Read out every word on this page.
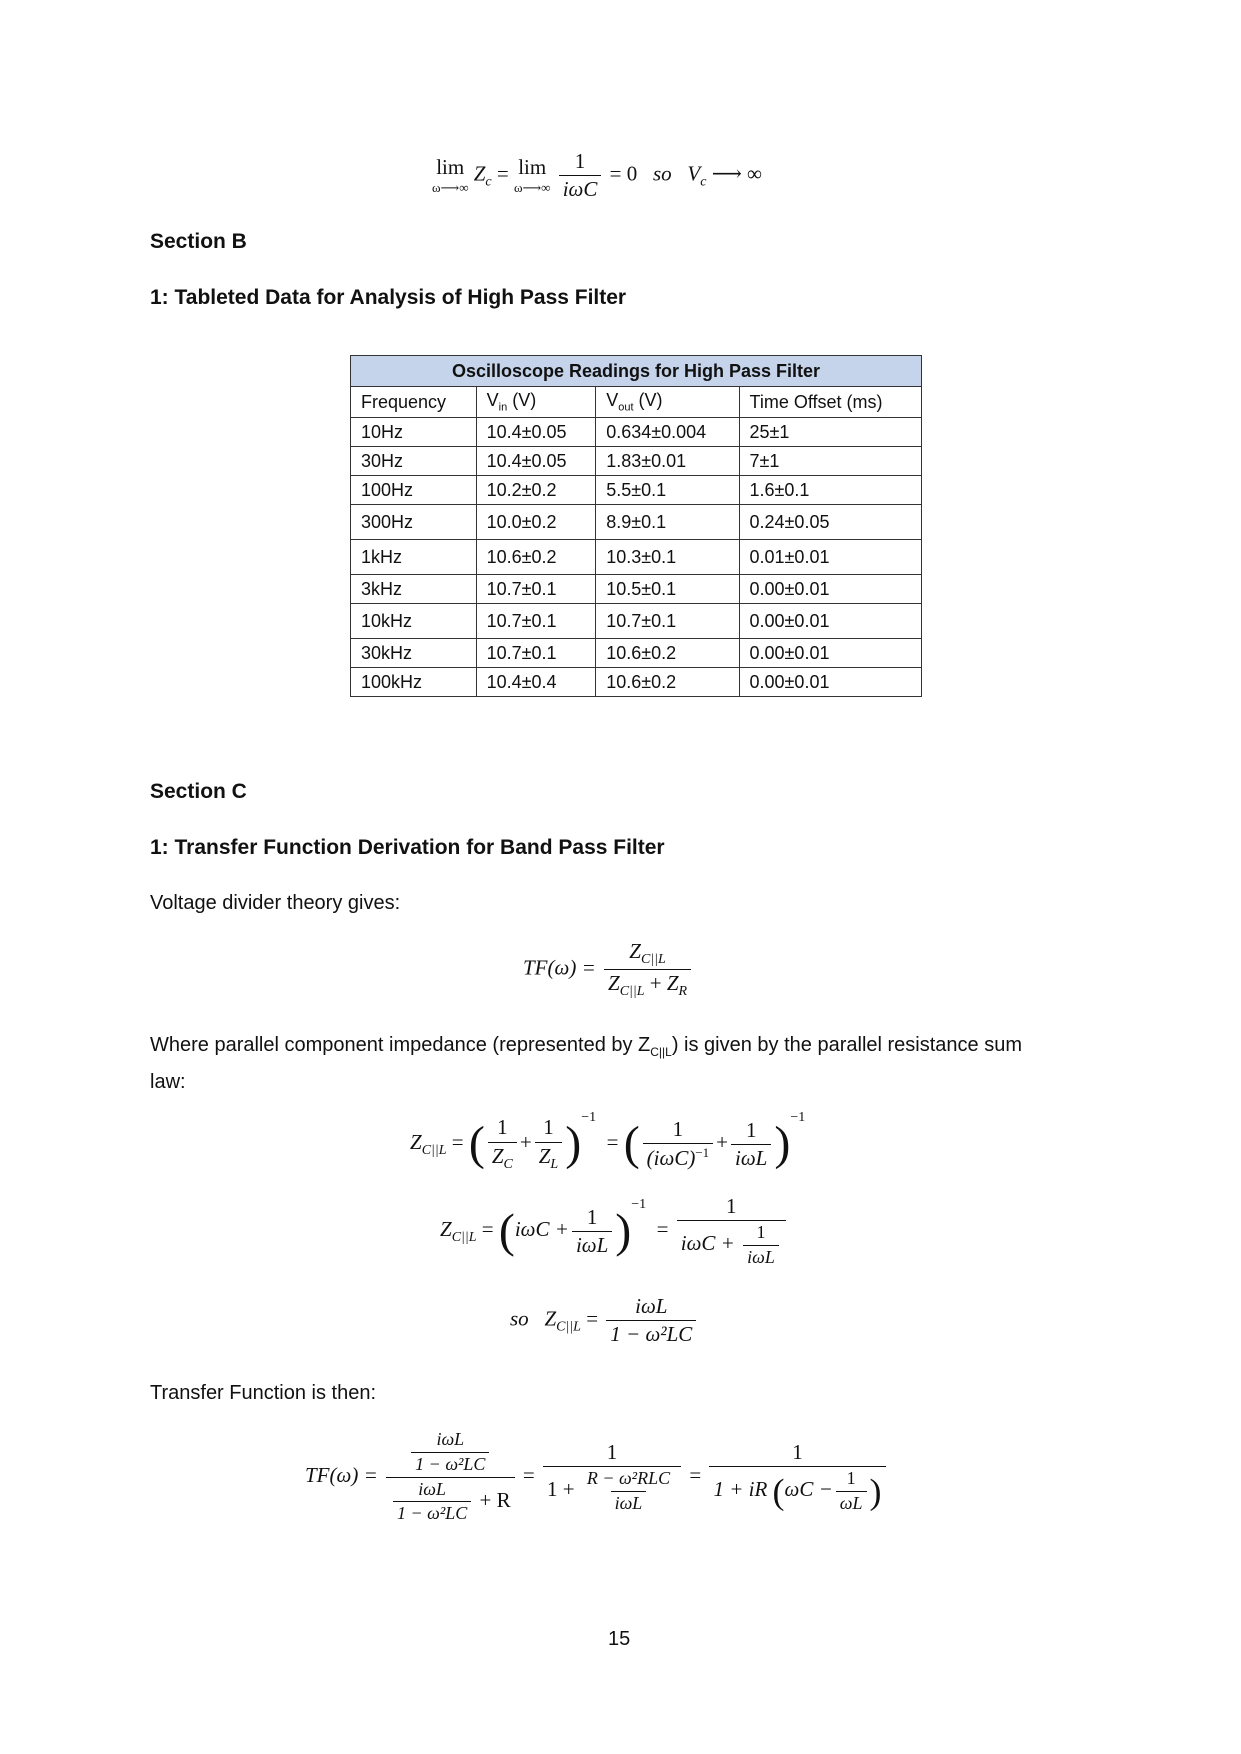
lim
ω⟶∞
$Z_c = \lim$
ω⟶∞
$\frac{1}{\text{iωC}} = 0$ so $V_c$ ⟶ ∞
Section B
1: Tableted Data for Analysis of High Pass Filter
Oscilloscope Readings for High Pass Filter			
Frequency	$V_{in}$ (V)	$V_{out}$ (V)	Time Offset (ms)
10Hz	10.4±0.05	0.634±0.004	25±1
30Hz	10.4±0.05	1.83±0.01	7±1
100Hz	10.2±0.2	5.5±0.1	1.6±0.1
300Hz	10.0±0.2	8.9±0.1	0.24±0.05
1kHz	10.6±0.2	10.3±0.1	0.01±0.01
3kHz	10.7±0.1	10.5±0.1	0.00±0.01
10kHz	10.7±0.1	10.7±0.1	0.00±0.01
30kHz	10.7±0.1	10.6±0.2	0.00±0.01
100kHz	10.4±0.4	10.6±0.2	0.00±0.01
Section C
1: Transfer Function Derivation for Band Pass Filter
Voltage divider theory gives:
$TF(\omega) = \frac{Z_{C||L}}{Z_{C||L} + Z_R}$
Where parallel component impedance (represented by $Z_{C||L}$) is given by the parallel resistance sum
law:
$Z_{C||L}$ = ( $\frac{1}{Z_C} + \frac{1}{Z_L} )^{-1}$  = ( $\frac{1}{(i\omega C)^{-1}} + \frac{1}{\text{iωL}} )^{-1}$
$Z_{C||L} = (i\omega C + \frac{1}{\text{iωL}} )^{-1} = \frac{1}{i\omega C + \frac{1}{\text{iωL}}}$
so $Z_{C||L} = \frac{\text{iωL}}{\text{1 − ω²LC}}$
Transfer Function is then:
$TF(\omega) = \frac{\frac{\text{iωL}}{\text{1 − ω²LC}}}{\frac{\text{iωL}}{\text{1 − ω²LC}} + R} = \frac{1}{1 + \frac{\text{R − ω²RLC}}{\text{iωL}}} = \frac{1}{1 + iR (\omega C - \frac{1}{\omega L} )}$
15
